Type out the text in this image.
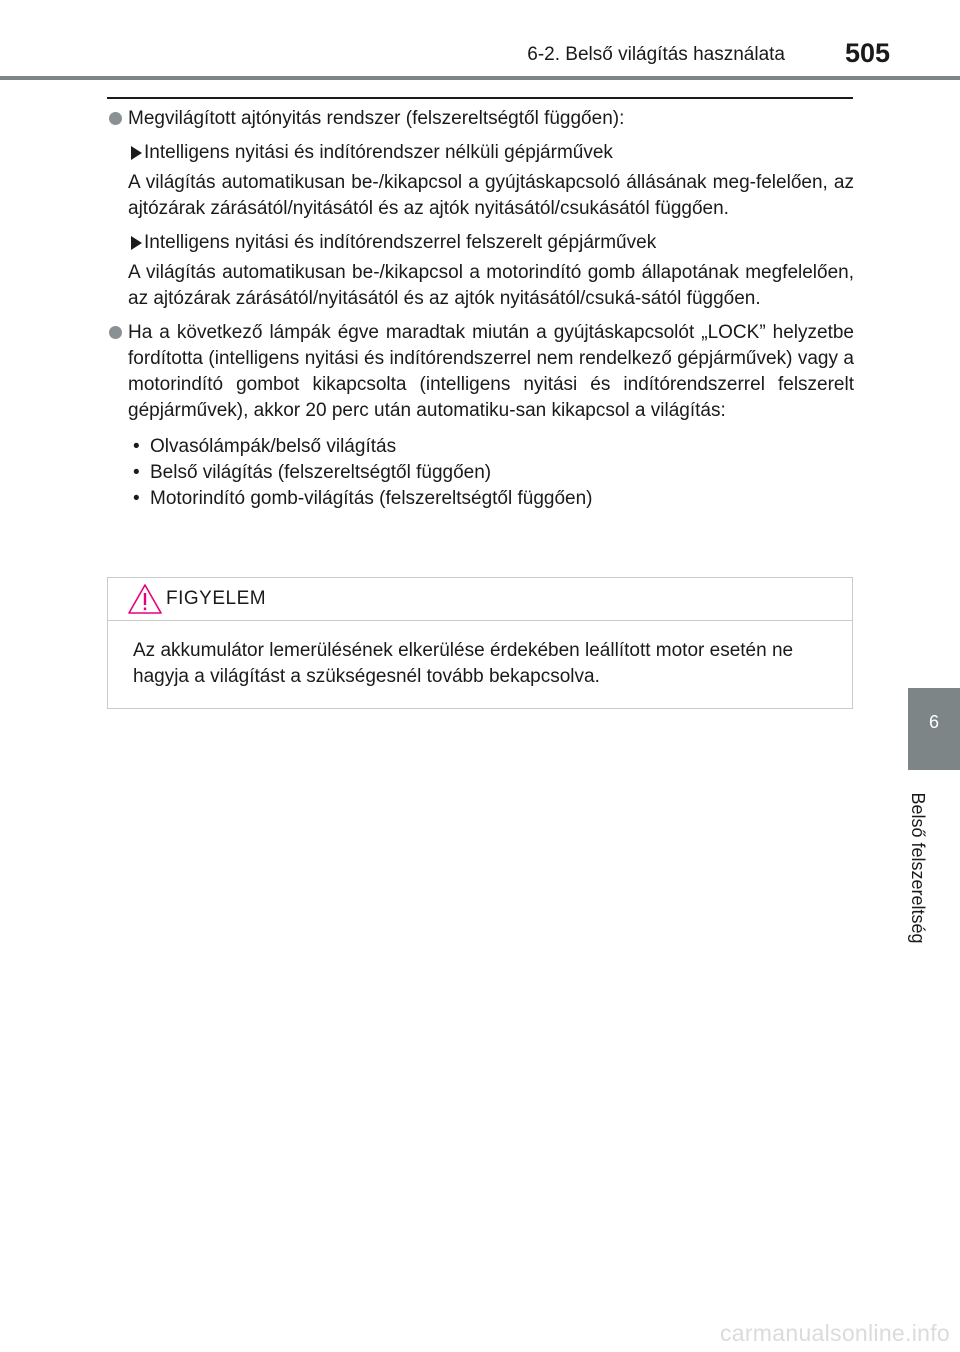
6-2. Belső világítás használata	505
Megvilágított ajtónyitás rendszer (felszereltségtől függően):
Intelligens nyitási és indítórendszer nélküli gépjárművek
A világítás automatikusan be-/kikapcsol a gyújtáskapcsoló állásának meg-felelően, az ajtózárak zárásától/nyitásától és az ajtók nyitásától/csukásától függően.
Intelligens nyitási és indítórendszerrel felszerelt gépjárművek
A világítás automatikusan be-/kikapcsol a motorindító gomb állapotának megfelelően, az ajtózárak zárásától/nyitásától és az ajtók nyitásától/csuká-sától függően.
Ha a következő lámpák égve maradtak miután a gyújtáskapcsolót „LOCK” helyzetbe fordította (intelligens nyitási és indítórendszerrel nem rendelkező gépjárművek) vagy a motorindító gombot kikapcsolta (intelligens nyitási és indítórendszerrel felszerelt gépjárművek), akkor 20 perc után automatiku-san kikapcsol a világítás:
• Olvasólámpák/belső világítás
• Belső világítás (felszereltségtől függően)
• Motorindító gomb-világítás (felszereltségtől függően)
FIGYELEM
Az akkumulátor lemerülésének elkerülése érdekében leállított motor esetén ne hagyja a világítást a szükségesnél tovább bekapcsolva.
6
Belső felszereltség
carmanualsonline.info
